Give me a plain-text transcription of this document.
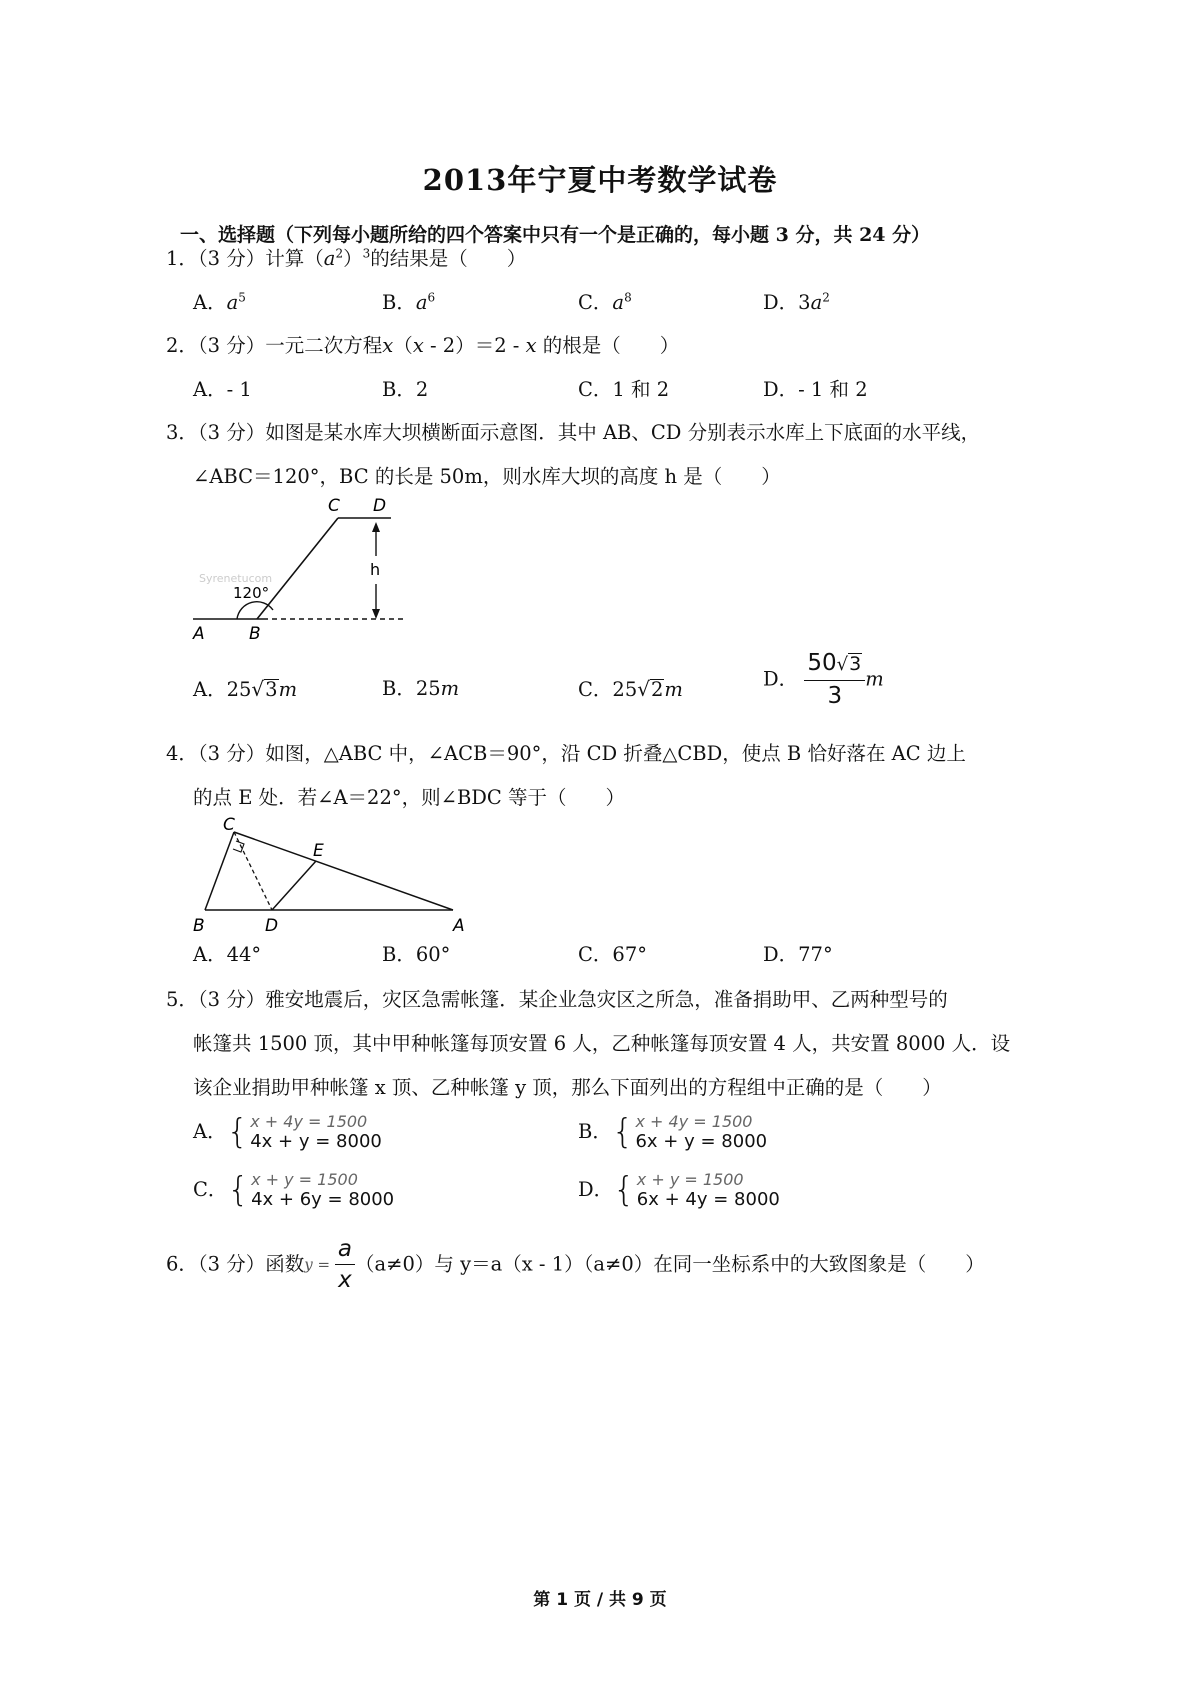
2013年宁夏中考数学试卷
一、选择题（下列每小题所给的四个答案中只有一个是正确的，每小题 3 分，共 24 分）
1．（3 分）计算$(a^2)^3$的结果是（　　）
A．$a^5$	B．$a^6$	C．$a^8$	D．$3a^2$
2．（3 分）一元二次方程x（x - 2）＝2 - x 的根是（　　）
A．- 1	B．2	C．1 和 2	D．- 1 和 2
3．（3 分）如图是某水库大坝横断面示意图．其中 AB、CD 分别表示水库上下底面的水平线，
∠ABC＝120°，BC 的长是 50m，则水库大坝的高度 h 是（　　）
Syrenetucom	h
C D
A	B
120°
A．25√3m	B．25m	C．25√2m	D． $\frac{50√3}{3}$ m
4．（3 分）如图，△ABC 中，∠ACB＝90°，沿 CD 折叠△CBD，使点 B 恰好落在 AC 边上
的点 E 处．若∠A＝22°，则∠BDC 等于（　　）
C
E
B	D	A
A．44°	B．60°	C．67°	D．77°
5．（3 分）雅安地震后，灾区急需帐篷．某企业急灾区之所急，准备捐助甲、乙两种型号的
帐篷共 1500 顶，其中甲种帐篷每顶安置 6 人，乙种帐篷每顶安置 4 人，共安置 8000 人．设
该企业捐助甲种帐篷 x 顶、乙种帐篷 y 顶，那么下面列出的方程组中正确的是（　　）
A．{ x + 4y = 1500
4x + y = 8000	B．{ x + 4y = 1500
6x + y = 8000
C．{ x + y = 1500
4x + 6y = 8000	D．{ x + y = 1500
6x + 4y = 8000
6．（3 分）函数$y = \frac{a}{x} (a\ne 0)$与 y＝a（x - 1）（a≠0）在同一坐标系中的大致图象是（　　）
第 1 页 / 共 9 页
